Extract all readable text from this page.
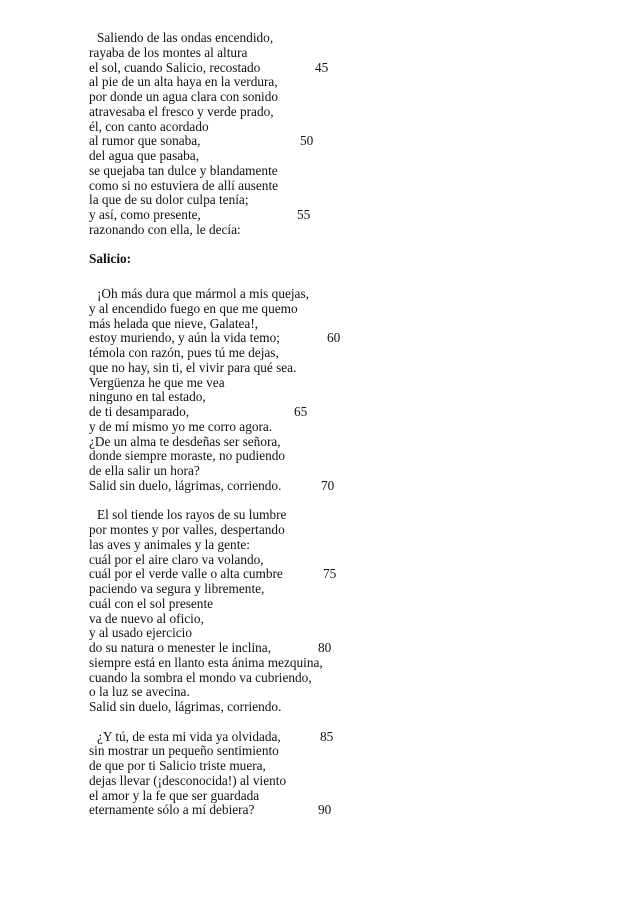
Saliendo de las ondas encendido,
rayaba de los montes al altura
el sol, cuando Salicio, recostado	45
al pie de un alta haya en la verdura,
por donde un agua clara con sonido
atravesaba el fresco y verde prado,
él, con canto acordado
al rumor que sonaba,	50
del agua que pasaba,
se quejaba tan dulce y blandamente
como si no estuviera de allí ausente
la que de su dolor culpa tenía;
y así, como presente,	55
razonando con ella, le decía:
Salicio:
¡Oh más dura que mármol a mis quejas,
y al encendido fuego en que me quemo
más helada que nieve, Galatea!,
estoy muriendo, y aún la vida temo;	60
témola con razón, pues tú me dejas,
que no hay, sin ti, el vivir para qué sea.
Vergüenza he que me vea
ninguno en tal estado,
de ti desamparado,	65
y de mí mismo yo me corro agora.
¿De un alma te desdeñas ser señora,
donde siempre moraste, no pudiendo
de ella salir un hora?
Salid sin duelo, lágrimas, corriendo.	70
El sol tiende los rayos de su lumbre
por montes y por valles, despertando
las aves y animales y la gente:
cuál por el aire claro va volando,
cuál por el verde valle o alta cumbre	75
paciendo va segura y libremente,
cuál con el sol presente
va de nuevo al oficio,
y al usado ejercicio
do su natura o menester le inclina,	80
siempre está en llanto esta ánima mezquina,
cuando la sombra el mondo va cubriendo,
o la luz se avecina.
Salid sin duelo, lágrimas, corriendo.
¿Y tú, de esta mi vida ya olvidada,	85
sin mostrar un pequeño sentimiento
de que por ti Salicio triste muera,
dejas llevar (¡desconocida!) al viento
el amor y la fe que ser guardada
eternamente sólo a mí debiera?	90
